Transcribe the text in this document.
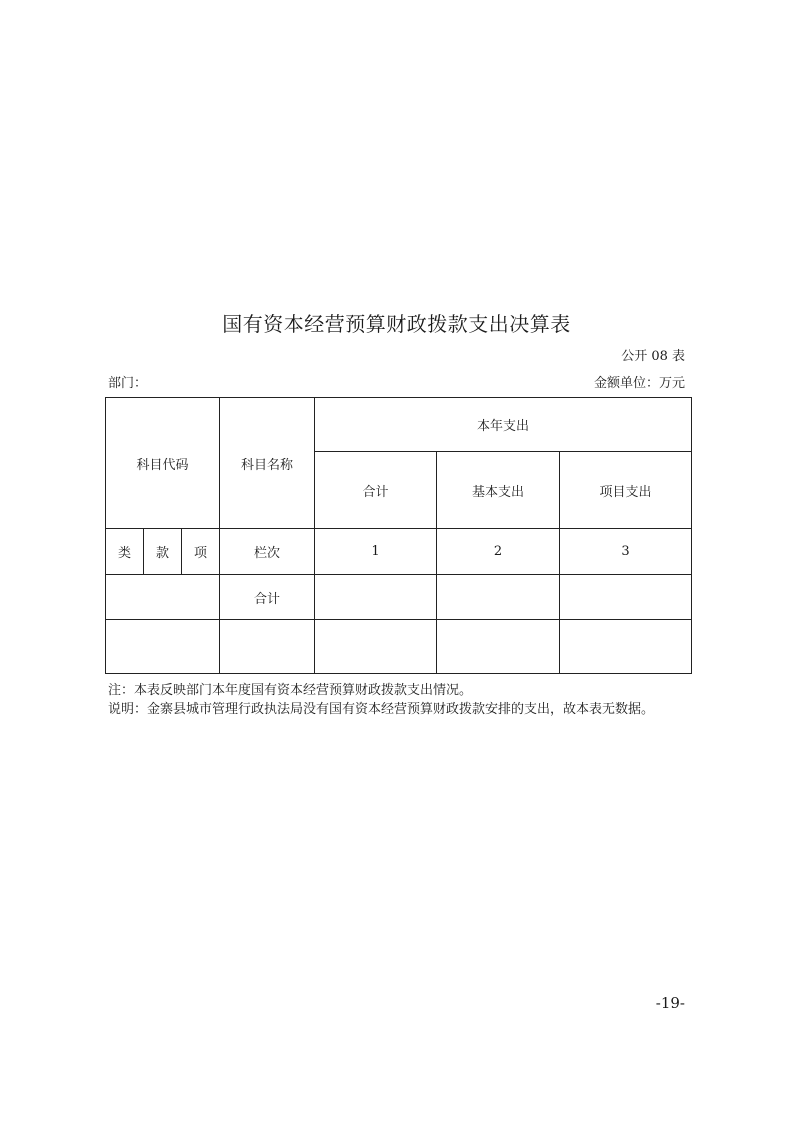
国有资本经营预算财政拨款支出决算表
公开 08 表
部门：	金额单位：万元
科目代码			科目名称	本年支出		
				合计	基本支出	项目支出
类	款	项	栏次	1	2	3
			合计			

注：本表反映部门本年度国有资本经营预算财政拨款支出情况。

说明：金寨县城市管理行政执法局没有国有资本经营预算财政拨款安排的支出，故本表无数据。

-19-
